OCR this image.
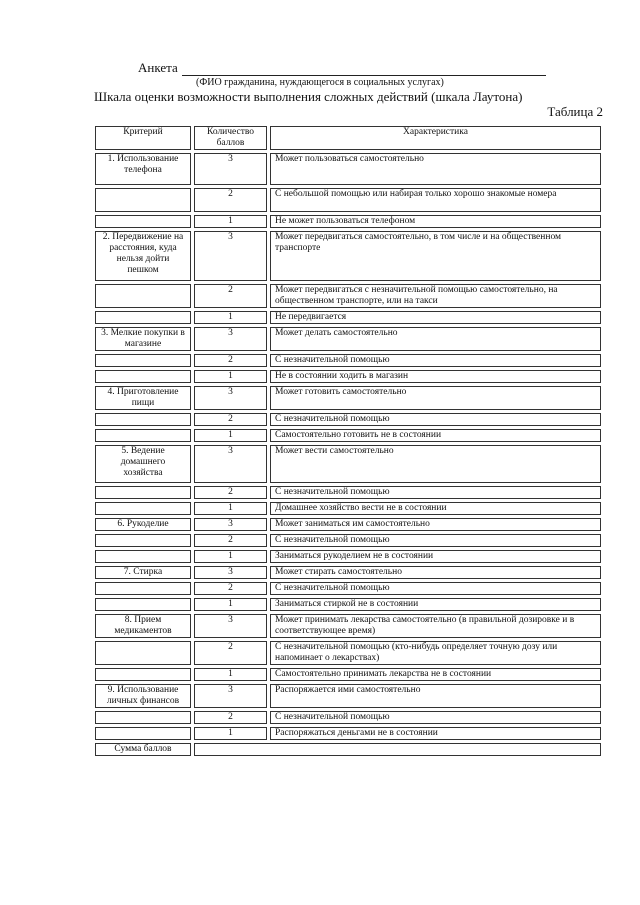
Анкета
(ФИО гражданина, нуждающегося в социальных услугах)
Шкала оценки возможности выполнения сложных действий (шкала Лаутона)
Таблица 2
Критерий	Количество баллов	Характеристика
1. Использование телефона	3	Может пользоваться самостоятельно
	2	С небольшой помощью или набирая только хорошо знакомые номера
	1	Не может пользоваться телефоном
2. Передвижение на расстояния, куда нельзя дойти пешком	3	Может передвигаться самостоятельно, в том числе и на общественном транспорте
	2	Может передвигаться с незначительной помощью самостоятельно, на общественном транспорте, или на такси
	1	Не передвигается
3. Мелкие покупки в магазине	3	Может делать самостоятельно
	2	С незначительной помощью
	1	Не в состоянии ходить в магазин
4. Приготовление пищи	3	Может готовить самостоятельно
	2	С незначительной помощью
	1	Самостоятельно готовить не в состоянии
5. Ведение домашнего хозяйства	3	Может вести самостоятельно
	2	С незначительной помощью
	1	Домашнее хозяйство вести не в состоянии
6. Рукоделие	3	Может заниматься им самостоятельно
	2	С незначительной помощью
	1	Заниматься рукоделием не в состоянии
7. Стирка	3	Может стирать самостоятельно
	2	С незначительной помощью
	1	Заниматься стиркой не в состоянии
8. Прием медикаментов	3	Может принимать лекарства самостоятельно (в правильной дозировке и в соответствующее время)
	2	С незначительной помощью (кто-нибудь определяет точную дозу или напоминает о лекарствах)
	1	Самостоятельно принимать лекарства не в состоянии
9. Использование личных финансов	3	Распоряжается ими самостоятельно
	2	С незначительной помощью
	1	Распоряжаться деньгами не в состоянии
Сумма баллов		
